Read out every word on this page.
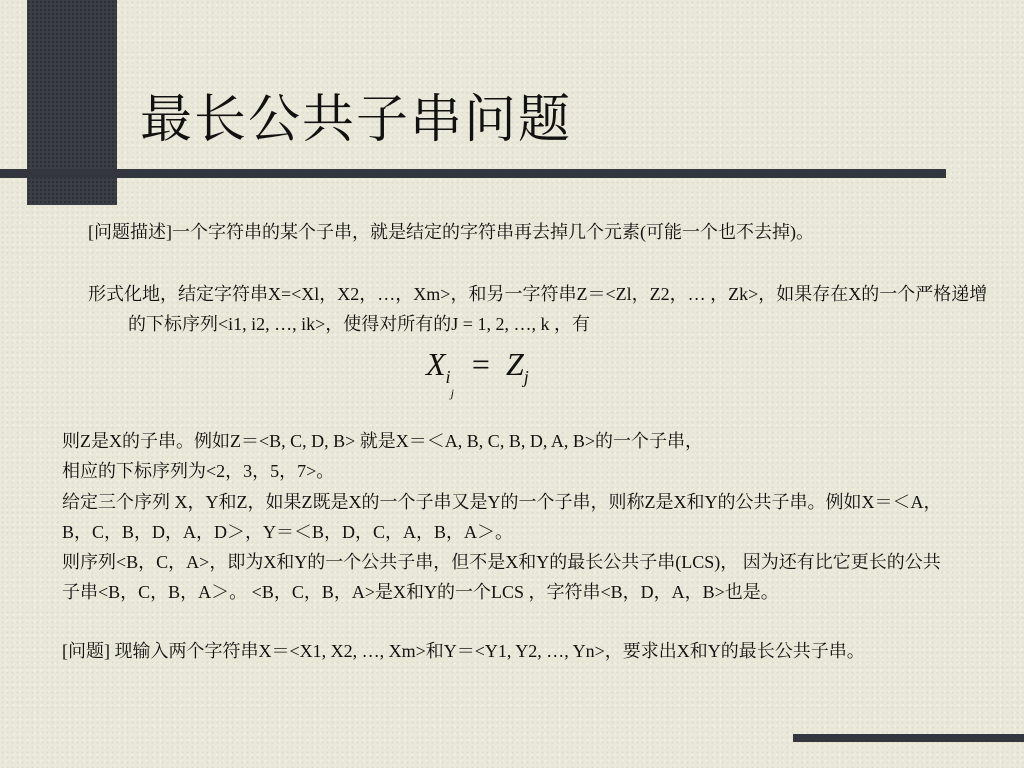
最长公共子串问题

[问题描述]一个字符串的某个子串，就是结定的字符串再去掉几个元素(可能一个也不去掉)。

形式化地，结定字符串X=<Xl，X2，…，Xm>，和另一字符串Z＝<Zl，Z2，… ，Zk>，如果存在X的一个严格递增的下标序列<i1, i2, …, ik>，使得对所有的J = 1, 2, …, k ，有

$X_{i_j} = Z_j$

则Z是X的子串。例如Z＝<B, C, D, B> 就是X＝＜A, B, C, B, D, A, B>的一个子串，

相应的下标序列为<2，3，5，7>。

给定三个序列 X，Y和Z，如果Z既是X的一个子串又是Y的一个子串，则称Z是X和Y的公共子串。例如X＝＜A，B，C，B，D，A，D＞，Y＝＜B，D，C，A，B，A＞。

则序列<B，C，A>，即为X和Y的一个公共子串，但不是X和Y的最长公共子串(LCS)， 因为还有比它更长的公共子串<B，C，B，A＞。 <B，C，B，A>是X和Y的一个LCS ，字符串<B，D，A，B>也是。

[问题] 现输入两个字符串X＝<X1, X2, …, Xm>和Y＝<Y1, Y2, …, Yn>，要求出X和Y的最长公共子串。
